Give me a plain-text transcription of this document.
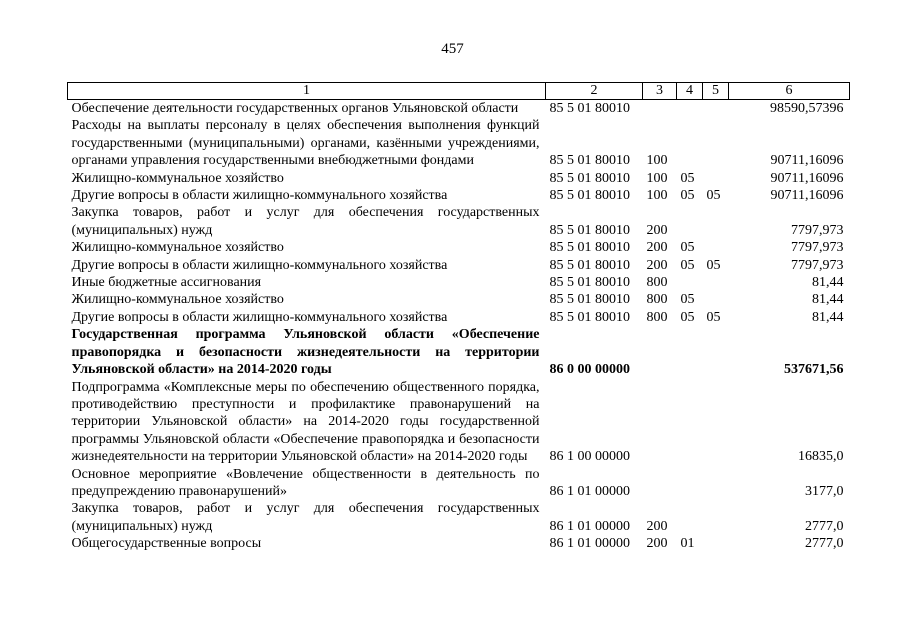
457
1	2	3	4	5	6
Обеспечение деятельности государственных органов Ульяновской области	85 5 01 80010				98590,57396
Расходы на выплаты персоналу в целях обеспечения выполнения функций государственными (муниципальными) органами, казёнными учреждениями, органами управления государственными внебюджетными фондами	85 5 01 80010	100			90711,16096
Жилищно-коммунальное хозяйство	85 5 01 80010	100	05		90711,16096
Другие вопросы в области жилищно-коммунального хозяйства	85 5 01 80010	100	05	05	90711,16096
Закупка товаров, работ и услуг для обеспечения государственных (муниципальных) нужд	85 5 01 80010	200			7797,973
Жилищно-коммунальное хозяйство	85 5 01 80010	200	05		7797,973
Другие вопросы в области жилищно-коммунального хозяйства	85 5 01 80010	200	05	05	7797,973
Иные бюджетные ассигнования	85 5 01 80010	800			81,44
Жилищно-коммунальное хозяйство	85 5 01 80010	800	05		81,44
Другие вопросы в области жилищно-коммунального хозяйства	85 5 01 80010	800	05	05	81,44
Государственная программа Ульяновской области «Обеспечение правопорядка и безопасности жизнедеятельности на территории Ульяновской области» на 2014-2020 годы	86 0 00 00000				537671,56
Подпрограмма «Комплексные меры по обеспечению общественного порядка, противодействию преступности и профилактике правонарушений на территории Ульяновской области» на 2014-2020 годы государственной программы Ульяновской области «Обеспечение правопорядка и безопасности жизнедеятельности на территории Ульяновской области» на 2014-2020 годы	86 1 00 00000				16835,0
Основное мероприятие «Вовлечение общественности в деятельность по предупреждению правонарушений»	86 1 01 00000				3177,0
Закупка товаров, работ и услуг для обеспечения государственных (муниципальных) нужд	86 1 01 00000	200			2777,0
Общегосударственные вопросы	86 1 01 00000	200	01		2777,0
